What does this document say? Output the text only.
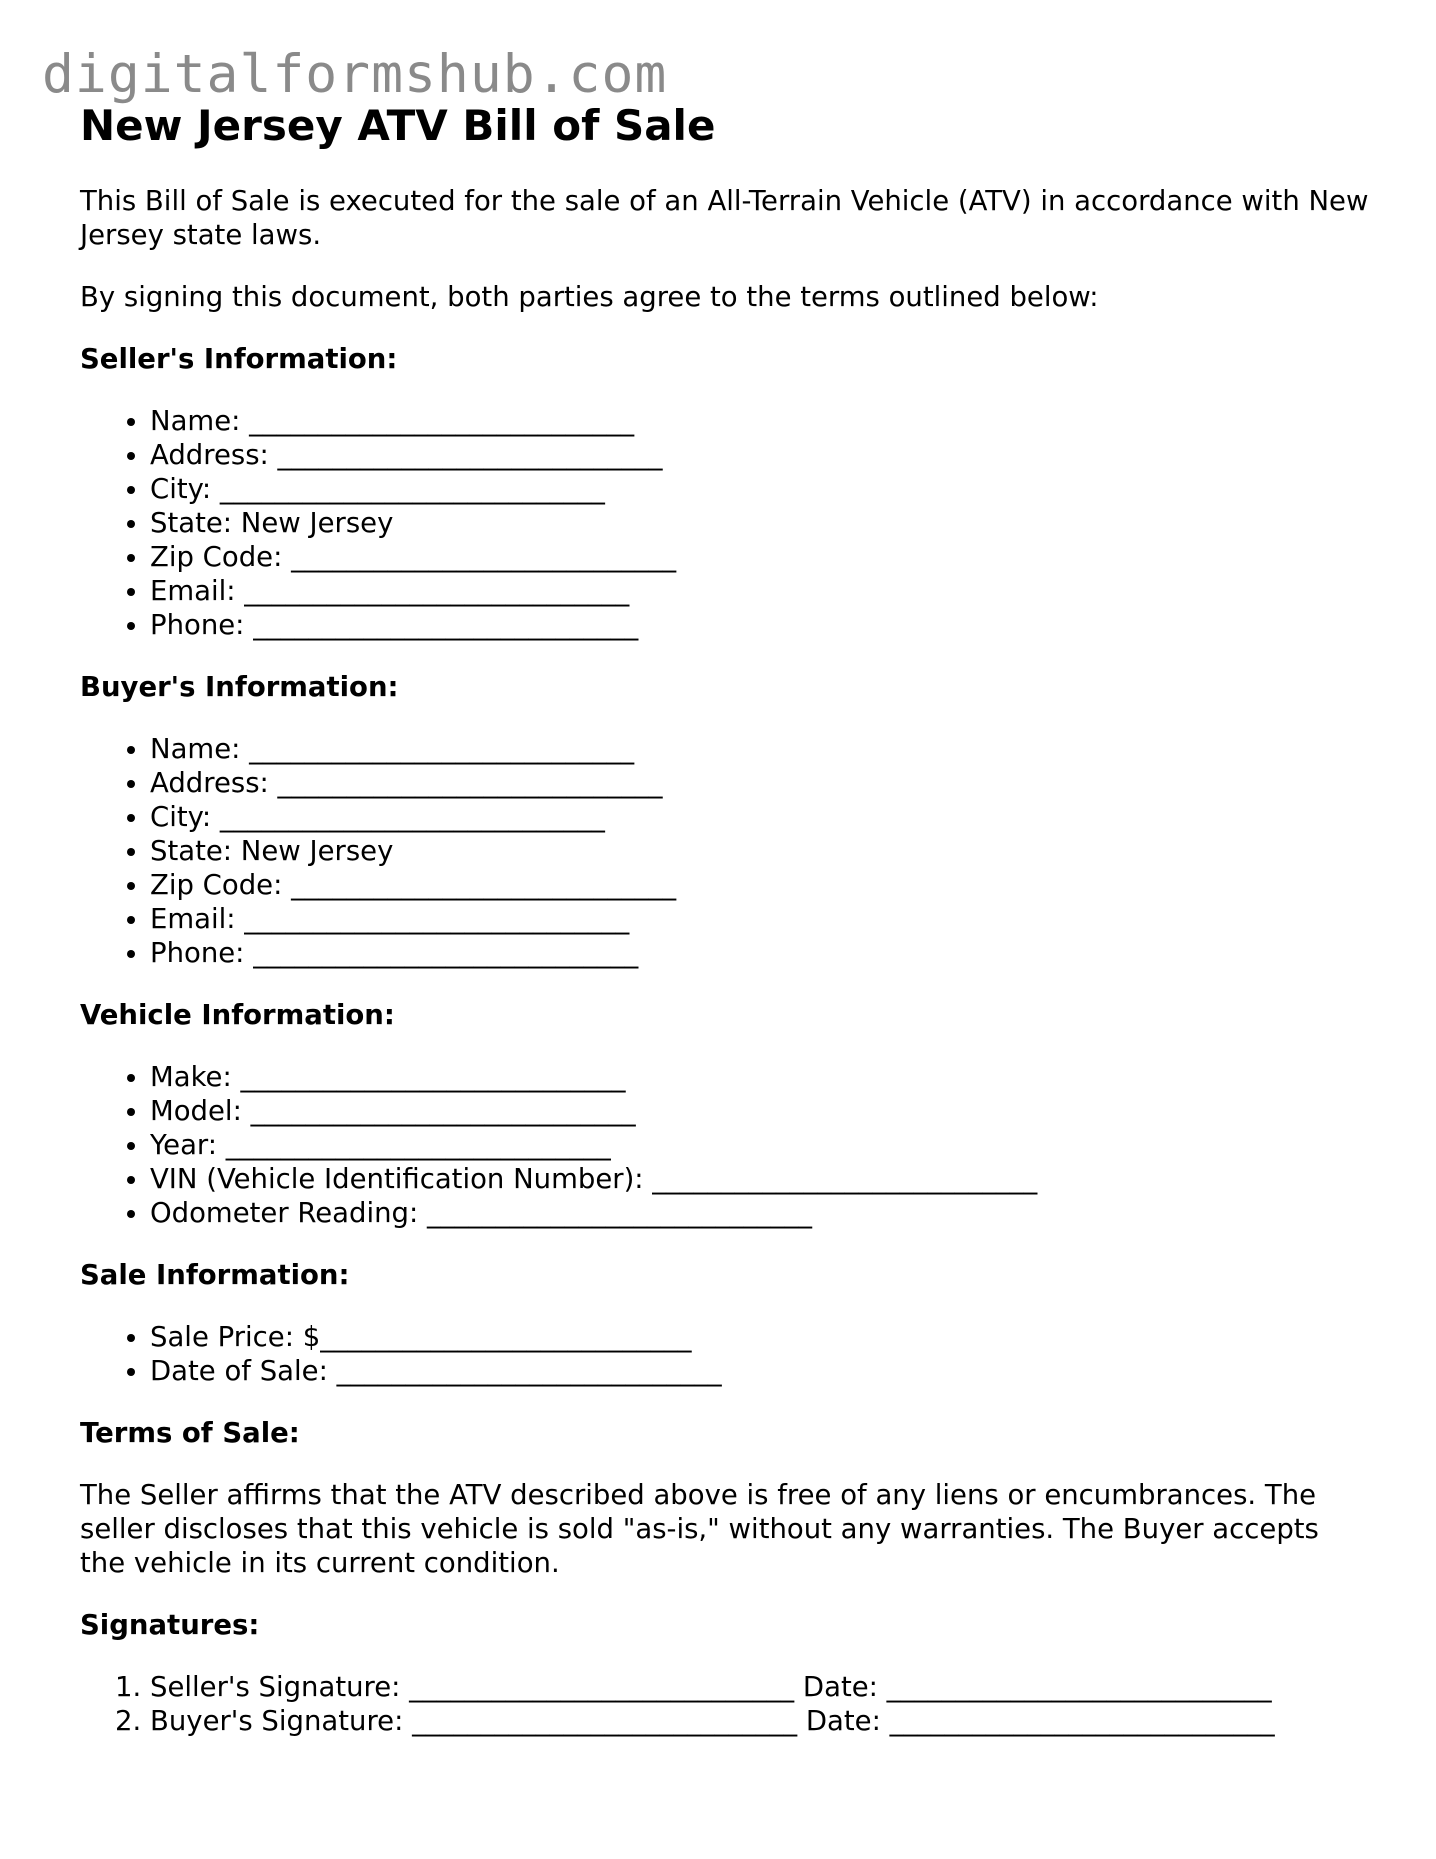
digitalformshub.com
New Jersey ATV Bill of Sale

This Bill of Sale is executed for the sale of an All-Terrain Vehicle (ATV) in accordance with New Jersey state laws.

By signing this document, both parties agree to the terms outlined below:

Seller's Information:
• Name: ____________________________
• Address: ____________________________
• City: ____________________________
• State: New Jersey
• Zip Code: ____________________________
• Email: ____________________________
• Phone: ____________________________
Buyer's Information:
• Name: ____________________________
• Address: ____________________________
• City: ____________________________
• State: New Jersey
• Zip Code: ____________________________
• Email: ____________________________
• Phone: ____________________________
Vehicle Information:
• Make: ____________________________
• Model: ____________________________
• Year: ____________________________
• VIN (Vehicle Identification Number): ____________________________
• Odometer Reading: ____________________________
Sale Information:
• Sale Price: $___________________________
• Date of Sale: ____________________________
Terms of Sale:

The Seller affirms that the ATV described above is free of any liens or encumbrances. The seller discloses that this vehicle is sold "as-is," without any warranties. The Buyer accepts the vehicle in its current condition.

Signatures:
1. Seller's Signature: ____________________________ Date: ____________________________
2. Buyer's Signature: ____________________________ Date: ____________________________
